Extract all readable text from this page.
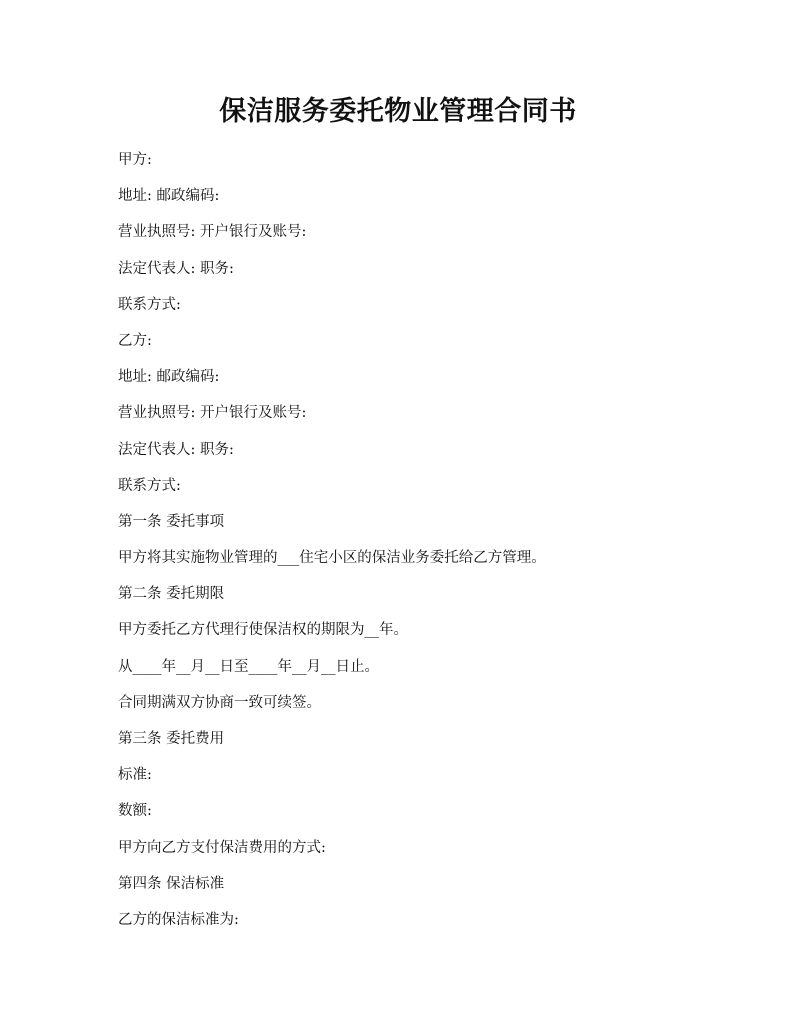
保洁服务委托物业管理合同书
甲方:
地址: 邮政编码:
营业执照号: 开户银行及账号:
法定代表人: 职务:
联系方式:
乙方:
地址: 邮政编码:
营业执照号: 开户银行及账号:
法定代表人: 职务:
联系方式:
第一条 委托事项
甲方将其实施物业管理的___住宅小区的保洁业务委托给乙方管理。
第二条 委托期限
甲方委托乙方代理行使保洁权的期限为__年。
从____年__月__日至____年__月__日止。
合同期满双方协商一致可续签。
第三条 委托费用
标准:
数额:
甲方向乙方支付保洁费用的方式:
第四条 保洁标准
乙方的保洁标准为:
